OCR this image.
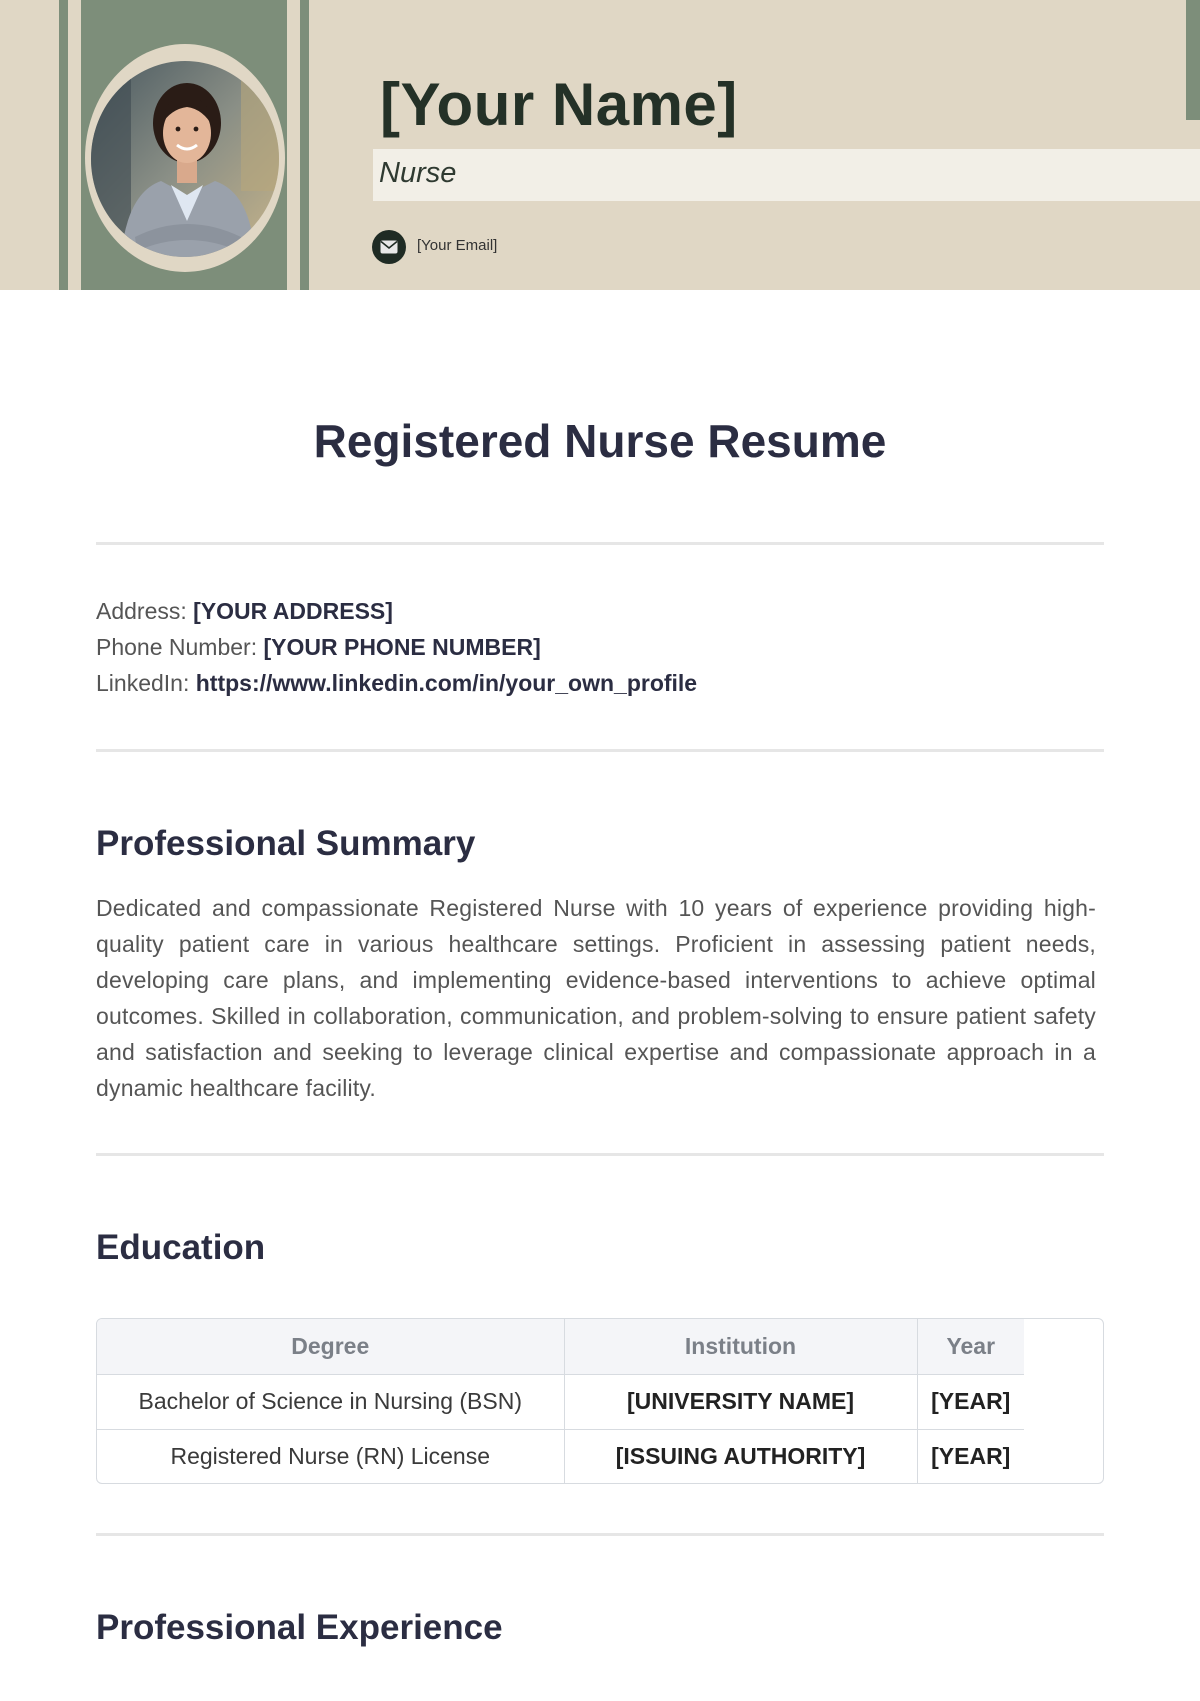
[Your Name]
Nurse
[Your Email]
Registered Nurse Resume
Address: [YOUR ADDRESS]
Phone Number: [YOUR PHONE NUMBER]
LinkedIn: https://www.linkedin.com/in/your_own_profile
Professional Summary
Dedicated and compassionate Registered Nurse with 10 years of experience providing high-quality patient care in various healthcare settings. Proficient in assessing patient needs, developing care plans, and implementing evidence-based interventions to achieve optimal outcomes. Skilled in collaboration, communication, and problem-solving to ensure patient safety and satisfaction and seeking to leverage clinical expertise and compassionate approach in a dynamic healthcare facility.
Education
Degree	Institution	Year
Bachelor of Science in Nursing (BSN)	[UNIVERSITY NAME]	[YEAR]
Registered Nurse (RN) License	[ISSUING AUTHORITY]	[YEAR]
Professional Experience
